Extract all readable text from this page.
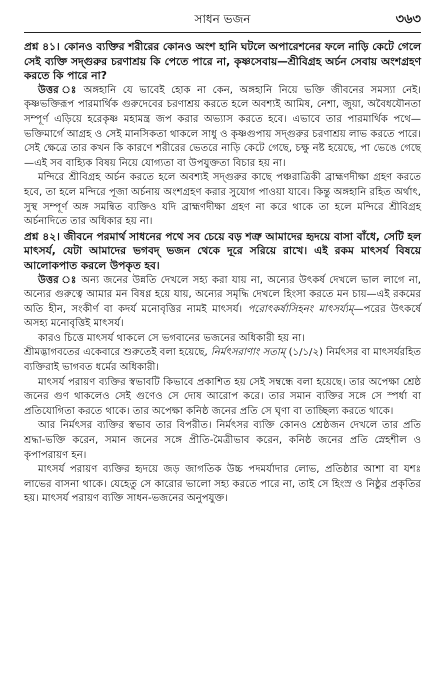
সাধন ভজন	৩৬৩

প্রশ্ন ৪১। কোনও ব্যক্তির শরীরের কোনও অংশ হানি ঘটলে অপারেশনের ফলে নাড়ি কেটে গেলে সেই ব্যক্তি সদ্গুরুর চরণাশ্রয় কি পেতে পারে না, কৃষ্ণসেবায়—শ্রীবিগ্রহ অর্চন সেবায় অংশগ্রহণ করতে কি পারে না?

উত্তর ঃ অঙ্গহানি যে ভাবেই হোক না কেন, অঙ্গহানি নিয়ে ভক্তি জীবনের সমস্যা নেই। কৃষ্ণভক্তিরূপ পারমার্থিক গুরুদেবের চরণাশ্রয় করতে হলে অবশ্যই আমিষ, নেশা, জুয়া, অবৈধযৌনতা সম্পূর্ণ এড়িয়ে হরেকৃষ্ণ মহামন্ত্র জপ করার অভ্যাস করতে হবে। এভাবে তার পারমার্থিক পথে—ভক্তিমার্গে আগ্রহ ও সেই মানসিকতা থাকলে সাধু ও কৃষ্ণগুপায় সদ্গুরুর চরণাশ্রয় লাভ করতে পারে। সেই ক্ষেত্রে তার কখন কি কারণে শরীরের ভেতরে নাড়ি কেটে গেছে, চক্ষু নষ্ট হয়েছে, পা ভেঙে গেছে—এই সব বাহ্যিক বিষয় নিয়ে যোগ্যতা বা উপযুক্ততা বিচার হয় না।

মন্দিরে শ্রীবিগ্রহ অর্চন করতে হলে অবশ্যই সদ্গুরুর কাছে পঞ্চরাত্রিকী ব্রাহ্মণদীক্ষা গ্রহণ করতে হবে, তা হলে মন্দিরে পূজা অর্চনায় অংশগ্রহণ করার সুযোগ পাওয়া যাবে। কিন্তু অঙ্গহানি রহিত অর্থাৎ, সুস্থ সম্পূর্ণ অঙ্গ সমন্বিত ব্যক্তিও যদি ব্রাহ্মণদীক্ষা গ্রহণ না করে থাকে তা হলে মন্দিরে শ্রীবিগ্রহ অর্চনাদিতে তার অধিকার হয় না।

প্রশ্ন ৪২। জীবনে পরমার্থ সাধনের পথে সব চেয়ে বড় শত্রু আমাদের হৃদয়ে বাসা বাঁধে, সেটি হল মাৎসর্য, যেটা আমাদের ভগবদ্ ভজন থেকে দূরে সরিয়ে রাখে। এই রকম মাৎসর্য বিষয়ে আলোকপাত করলে উপকৃত হব।

উত্তর ঃ অন্য জনের উন্নতি দেখলে সহ্য করা যায় না, অন্যের উৎকর্ষ দেখলে ভাল লাগে না, অন্যের গুরুত্বে আমার মন বিষণ্ণ হয়ে যায়, অন্যের সমৃদ্ধি দেখলে হিংসা করতে মন চায়—এই রকমের অতি হীন, সংকীর্ণ বা কদর্য মনোবৃত্তির নামই মাৎসর্য। পরোৎকর্ষাসিহনং মাৎসর্য্যম্—পরের উৎকর্ষে অসহ্য মনোবৃত্তিই মাৎসর্য।

কারও চিত্তে মাৎসর্য থাকলে সে ভগবানের ভজনের অধিকারী হয় না।

শ্রীমদ্ভাগবতের একেবারে শুরুতেই বলা হয়েছে, নির্মৎসরাণাং সতাম্ (১/১/২) নির্মৎসর বা মাৎসর্যরহিত ব্যক্তিরাই ভাগবত ধর্মের অধিকারী।

মাৎসর্য পরায়ণ ব্যক্তির স্বভাবটি কিভাবে প্রকাশিত হয় সেই সম্বন্ধে বলা হয়েছে। তার অপেক্ষা শ্রেষ্ঠ জনের গুণ থাকলেও সেই গুণেও সে দোষ আরোপ করে। তার সমান ব্যক্তির সঙ্গে সে স্পর্ধা বা প্রতিযোগিতা করতে থাকে। তার অপেক্ষা কনিষ্ঠ জনের প্রতি সে ঘৃণা বা তাচ্ছিল্য করতে থাকে।

আর নির্মৎসর ব্যক্তির স্বভাব তার বিপরীত। নির্মৎসর ব্যক্তি কোনও শ্রেষ্ঠজন দেখলে তার প্রতি শ্রদ্ধা-ভক্তি করেন, সমান জনের সঙ্গে প্রীতি-মৈত্রীভাব করেন, কনিষ্ঠ জনের প্রতি স্নেহশীল ও কৃপাপরায়ণ হন।

মাৎসর্য পরায়ণ ব্যক্তির হৃদয়ে জড় জাগতিক উচ্চ পদমর্যাদার লোভ, প্রতিষ্ঠার আশা বা যশঃ লাভের বাসনা থাকে। যেহেতু সে কারোর ভালো সহ্য করতে পারে না, তাই সে হিংস্র ও নিষ্ঠুর প্রকৃতির হয়। মাৎসর্য পরায়ণ ব্যক্তি সাধন-ভজনের অনুপযুক্ত।
